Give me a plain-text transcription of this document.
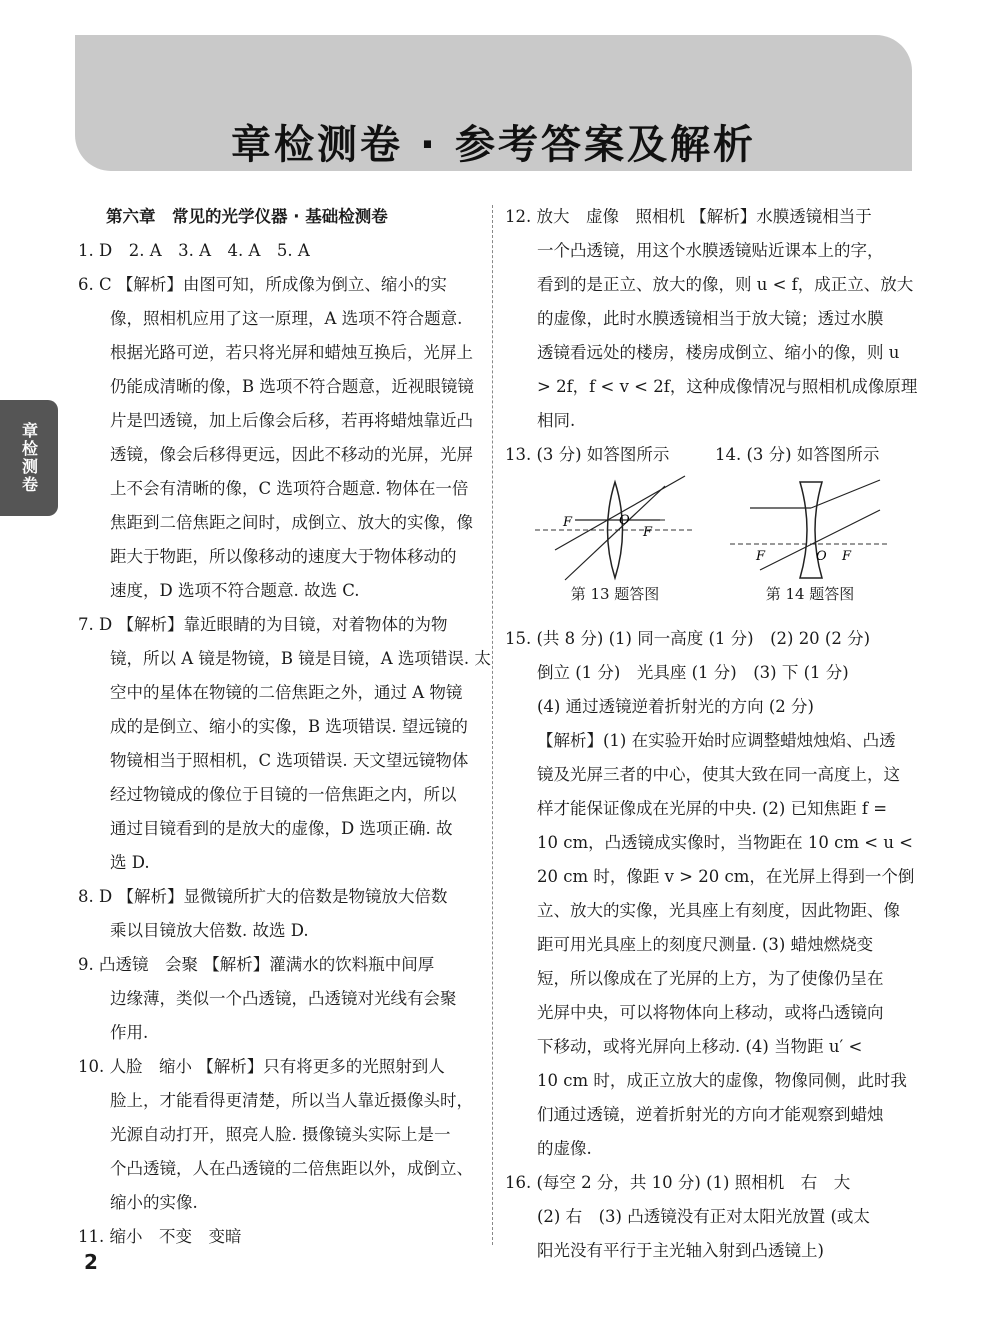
章检测卷 · 参考答案及解析
章检测卷
第六章　常见的光学仪器 · 基础检测卷
1. D　2. A　3. A　4. A　5. A
6. C 【解析】由图可知，所成像为倒立、缩小的实
像，照相机应用了这一原理，A 选项不符合题意.
根据光路可逆，若只将光屏和蜡烛互换后，光屏上
仍能成清晰的像，B 选项不符合题意，近视眼镜镜
片是凹透镜，加上后像会后移，若再将蜡烛靠近凸
透镜，像会后移得更远，因此不移动的光屏，光屏
上不会有清晰的像，C 选项符合题意. 物体在一倍
焦距到二倍焦距之间时，成倒立、放大的实像，像
距大于物距，所以像移动的速度大于物体移动的
速度，D 选项不符合题意. 故选 C.
7. D 【解析】靠近眼睛的为目镜，对着物体的为物
镜，所以 A 镜是物镜，B 镜是目镜，A 选项错误. 太
空中的星体在物镜的二倍焦距之外，通过 A 物镜
成的是倒立、缩小的实像，B 选项错误. 望远镜的
物镜相当于照相机，C 选项错误. 天文望远镜物体
经过物镜成的像位于目镜的一倍焦距之内，所以
通过目镜看到的是放大的虚像，D 选项正确. 故
选 D.
8. D 【解析】显微镜所扩大的倍数是物镜放大倍数
乘以目镜放大倍数. 故选 D.
9. 凸透镜　会聚 【解析】灌满水的饮料瓶中间厚
边缘薄，类似一个凸透镜，凸透镜对光线有会聚
作用.
10. 人脸　缩小 【解析】只有将更多的光照射到人
脸上，才能看得更清楚，所以当人靠近摄像头时，
光源自动打开，照亮人脸. 摄像镜头实际上是一
个凸透镜，人在凸透镜的二倍焦距以外，成倒立、
缩小的实像.
11. 缩小　不变　变暗
12. 放大　虚像　照相机 【解析】水膜透镜相当于
一个凸透镜，用这个水膜透镜贴近课本上的字，
看到的是正立、放大的像，则 u < f，成正立、放大
的虚像，此时水膜透镜相当于放大镜；透过水膜
透镜看远处的楼房，楼房成倒立、缩小的像，则 u
> 2f，f < v < 2f，这种成像情况与照相机成像原理
相同.
13. (3 分) 如答图所示	14. (3 分) 如答图所示
F	O
F
第 13 题答图
F	O F
第 14 题答图
15. (共 8 分) (1) 同一高度 (1 分)　(2) 20 (2 分)
倒立 (1 分)　光具座 (1 分)　(3) 下 (1 分)
(4) 通过透镜逆着折射光的方向 (2 分)
【解析】(1) 在实验开始时应调整蜡烛烛焰、凸透
镜及光屏三者的中心，使其大致在同一高度上，这
样才能保证像成在光屏的中央. (2) 已知焦距 f =
10 cm，凸透镜成实像时，当物距在 10 cm < u <
20 cm 时，像距 v > 20 cm，在光屏上得到一个倒
立、放大的实像，光具座上有刻度，因此物距、像
距可用光具座上的刻度尺测量. (3) 蜡烛燃烧变
短，所以像成在了光屏的上方，为了使像仍呈在
光屏中央，可以将物体向上移动，或将凸透镜向
下移动，或将光屏向上移动. (4) 当物距 u′ <
10 cm 时，成正立放大的虚像，物像同侧，此时我
们通过透镜，逆着折射光的方向才能观察到蜡烛
的虚像.
16. (每空 2 分，共 10 分) (1) 照相机　右　大
(2) 右　(3) 凸透镜没有正对太阳光放置 (或太
阳光没有平行于主光轴入射到凸透镜上)
2
